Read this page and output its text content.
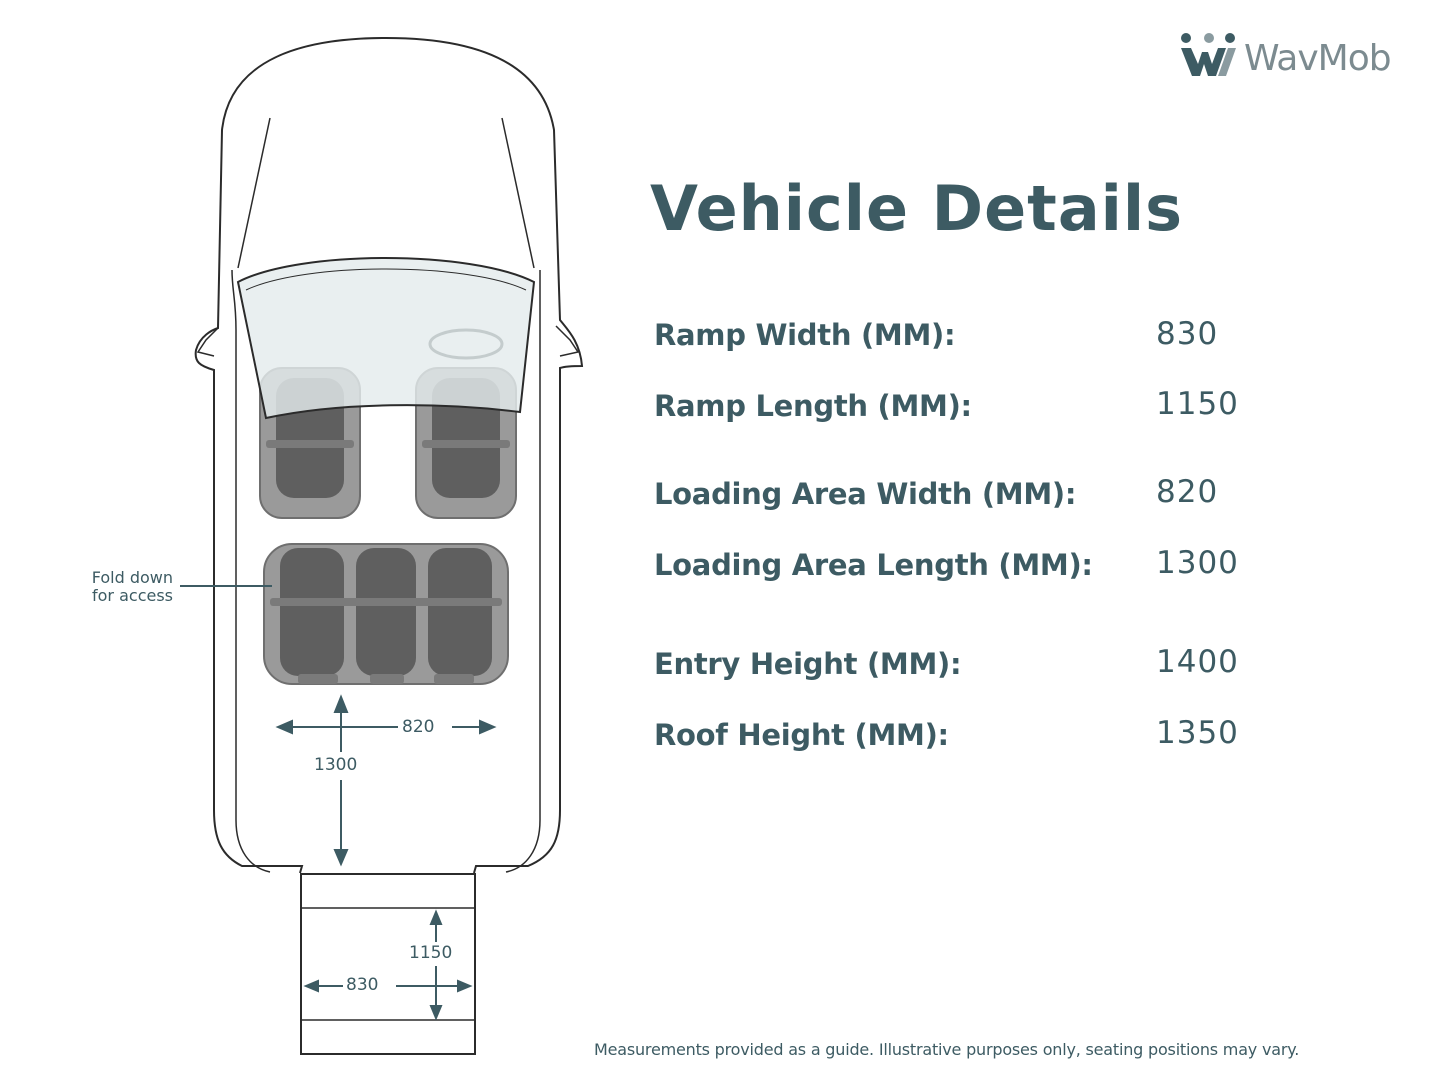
Fold down
for access
820
1300
1150
830
WavMob
Vehicle Details
Ramp Width (MM):	830
Ramp Length (MM):	1150
Loading Area Width (MM):	820
Loading Area Length (MM): 1300
Entry Height (MM):	1400
Roof Height (MM):	1350
Measurements provided as a guide. Illustrative purposes only, seating positions may vary.
